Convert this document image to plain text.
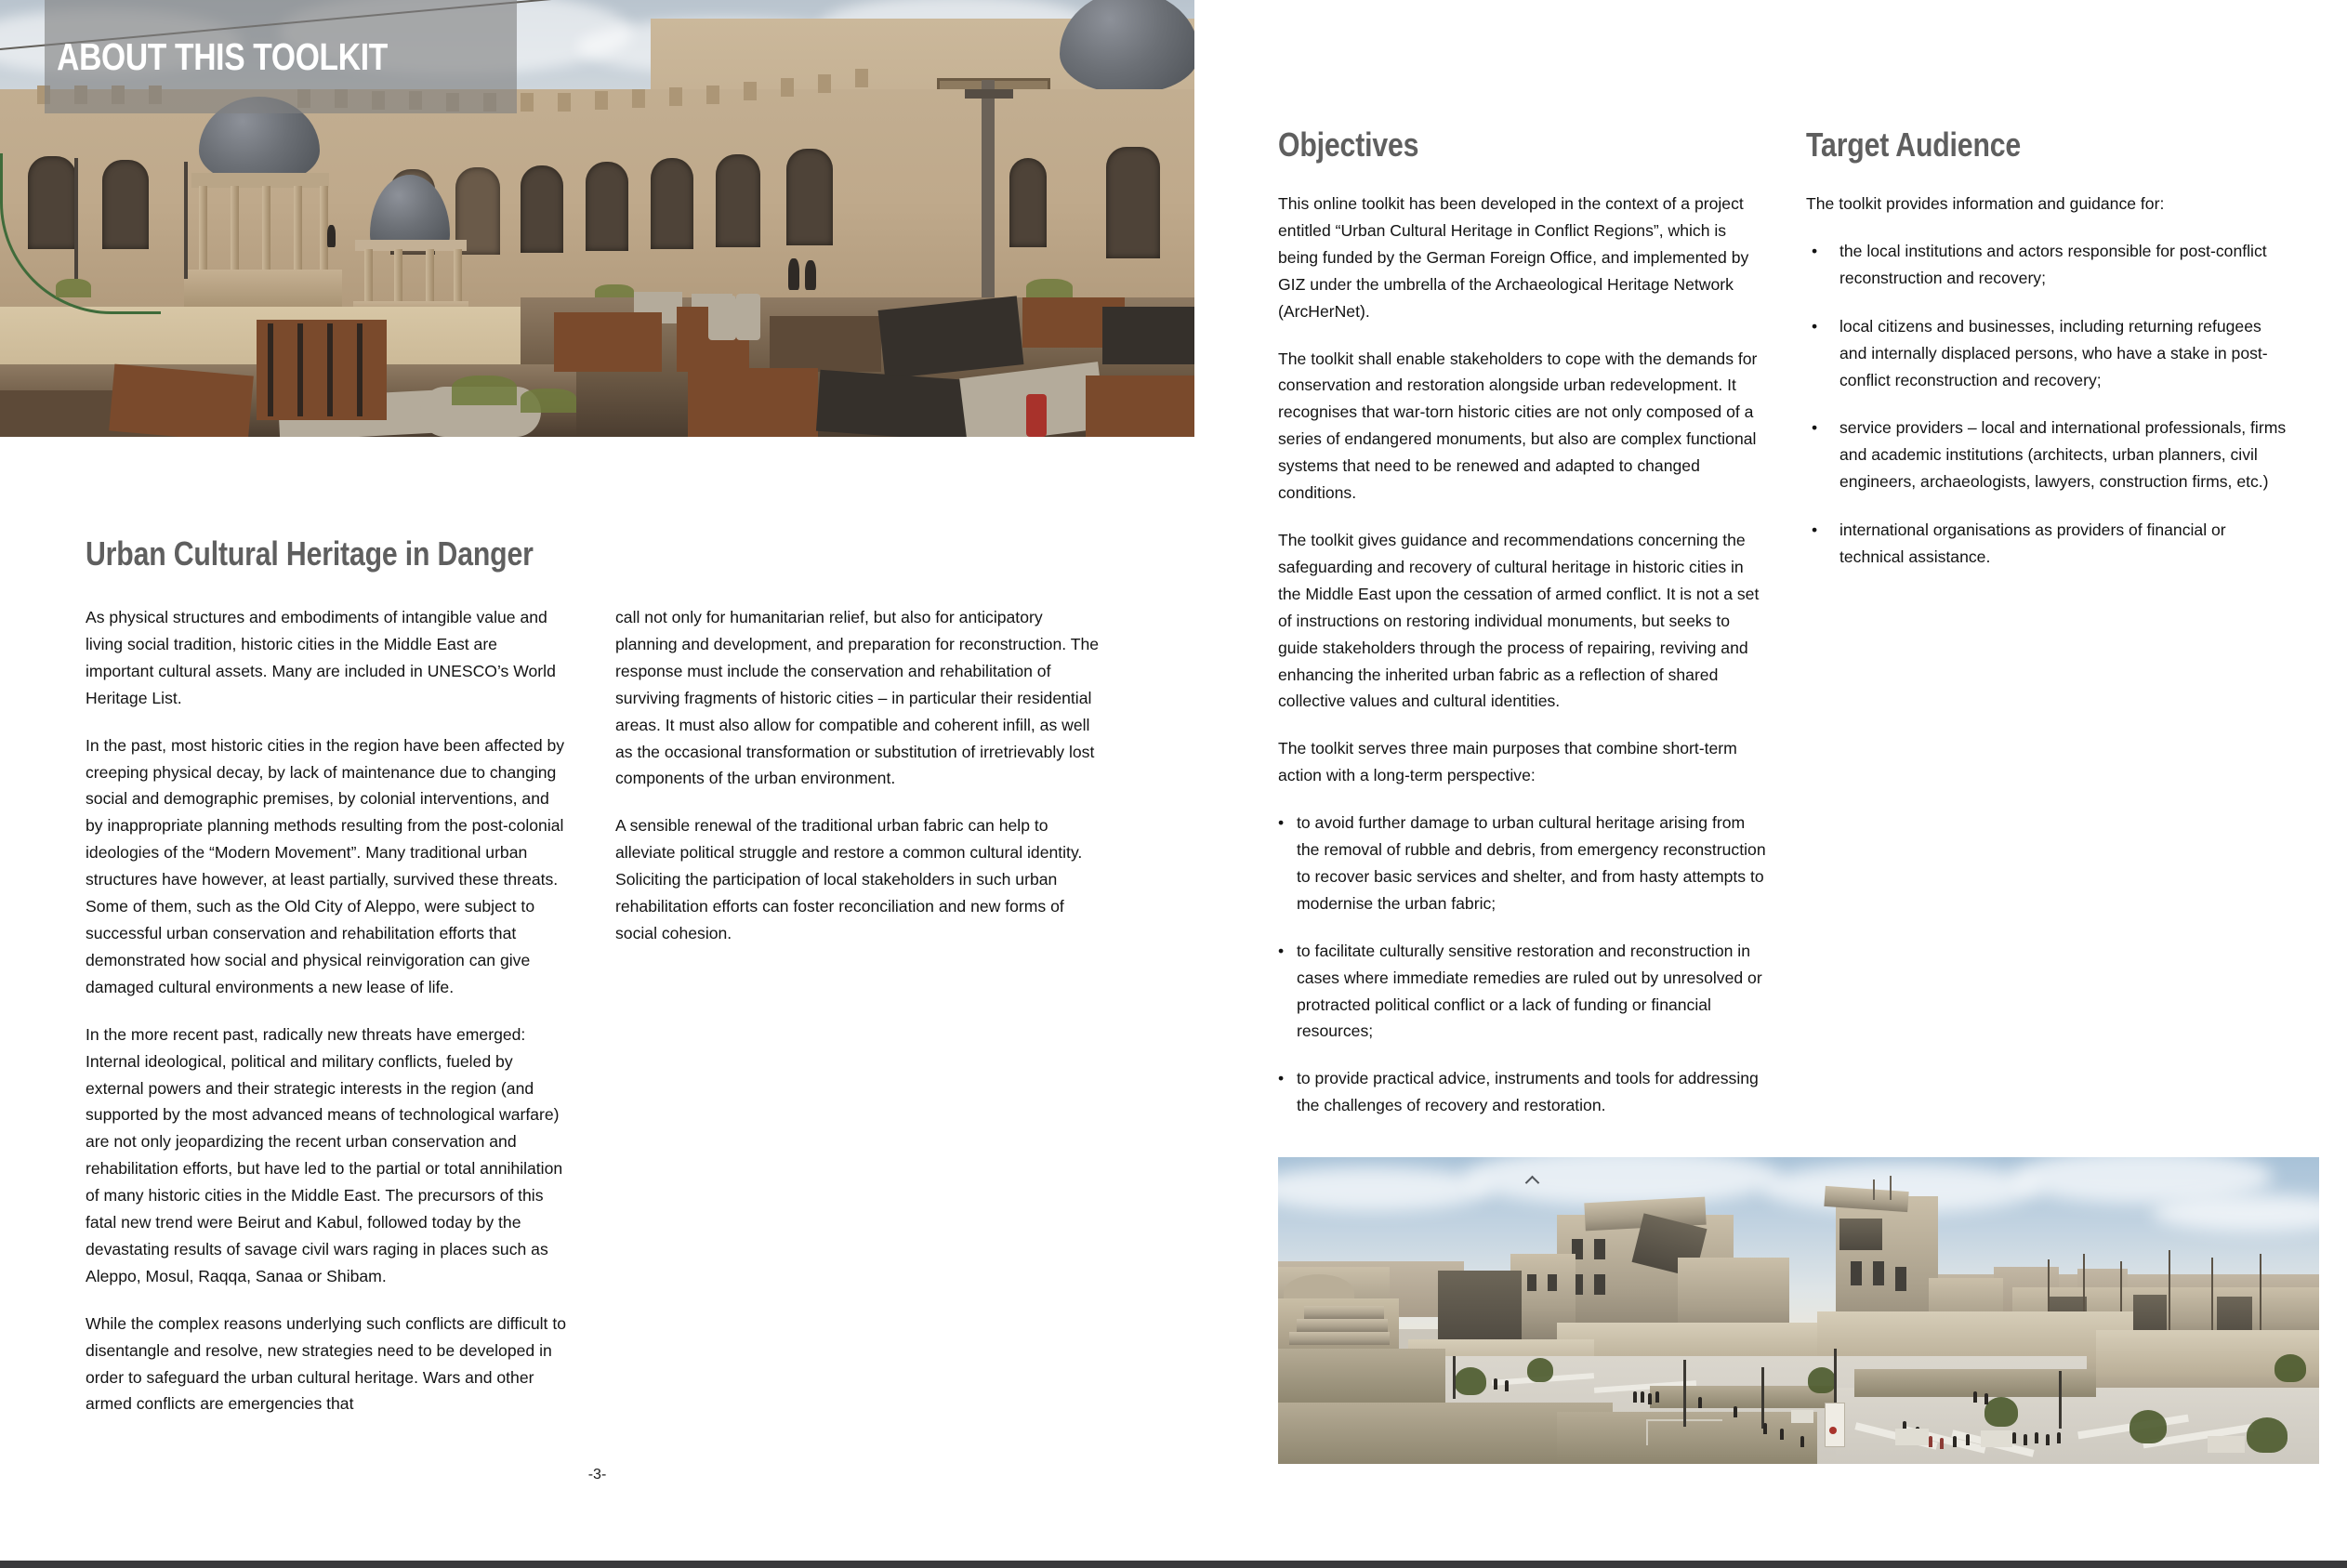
ABOUT THIS TOOLKIT
Urban Cultural Heritage in Danger

As physical structures and embodiments of intangible value and living social tradition, historic cities in the Middle East are important cultural assets. Many are included in UNESCO’s World Heritage List.

In the past, most historic cities in the region have been affected by creeping physical decay, by lack of maintenance due to changing social and demographic premises, by colonial interventions, and by inappropriate planning methods resulting from the post-colonial ideologies of the “Modern Movement”. Many traditional urban structures have however, at least partially, survived these threats. Some of them, such as the Old City of Aleppo, were subject to successful urban conservation and rehabilitation efforts that demonstrated how social and physical reinvigoration can give damaged cultural environments a new lease of life.

In the more recent past, radically new threats have emerged: Internal ideological, political and military conflicts, fueled by external powers and their strategic interests in the region (and supported by the most advanced means of technological warfare) are not only jeopardizing the recent urban conservation and rehabilitation efforts, but have led to the partial or total annihilation of many historic cities in the Middle East. The precursors of this fatal new trend were Beirut and Kabul, followed today by the devastating results of savage civil wars raging in places such as Aleppo, Mosul, Raqqa, Sanaa or Shibam.

While the complex reasons underlying such conflicts are difficult to disentangle and resolve, new strategies need to be developed in order to safeguard the urban cultural heritage. Wars and other armed conflicts are emergencies that

call not only for humanitarian relief, but also for anticipatory planning and development, and preparation for reconstruction. The response must include the conservation and rehabilitation of surviving fragments of historic cities – in particular their residential areas. It must also allow for compatible and coherent infill, as well as the occasional transformation or substitution of irretrievably lost components of the urban environment.

A sensible renewal of the traditional urban fabric can help to alleviate political struggle and restore a common cultural identity. Soliciting the participation of local stakeholders in such urban rehabilitation efforts can foster reconciliation and new forms of social cohesion.

-3-
Objectives

This online toolkit has been developed in the context of a project entitled “Urban Cultural Heritage in Conflict Regions”, which is being funded by the German Foreign Office, and implemented by GIZ under the umbrella of the Archaeological Heritage Network (ArcHerNet).

The toolkit shall enable stakeholders to cope with the demands for conservation and restoration alongside urban redevelopment. It recognises that war-torn historic cities are not only composed of a series of endangered monuments, but also are complex functional systems that need to be renewed and adapted to changed conditions.

The toolkit gives guidance and recommendations concerning the safeguarding and recovery of cultural heritage in historic cities in the Middle East upon the cessation of armed conflict. It is not a set of instructions on restoring individual monuments, but seeks to guide stakeholders through the process of repairing, reviving and enhancing the inherited urban fabric as a reflection of shared collective values and cultural identities.

The toolkit serves three main purposes that combine short-term action with a long-term perspective:

• to avoid further damage to urban cultural heritage arising from the removal of rubble and debris, from emergency reconstruction to recover basic services and shelter, and from hasty attempts to modernise the urban fabric;
• to facilitate culturally sensitive restoration and reconstruction in cases where immediate remedies are ruled out by unresolved or protracted political conflict or a lack of funding or financial resources;
• to provide practical advice, instruments and tools for addressing the challenges of recovery and restoration.
Target Audience

The toolkit provides information and guidance for:

• the local institutions and actors responsible for post-conflict reconstruction and recovery;
• local citizens and businesses, including returning refugees and internally displaced persons, who have a stake in post-conflict reconstruction and recovery;
• service providers – local and international professionals, firms and academic institutions (architects, urban planners, civil engineers, archaeologists, lawyers, construction firms, etc.)
• international organisations as providers of financial or technical assistance.
